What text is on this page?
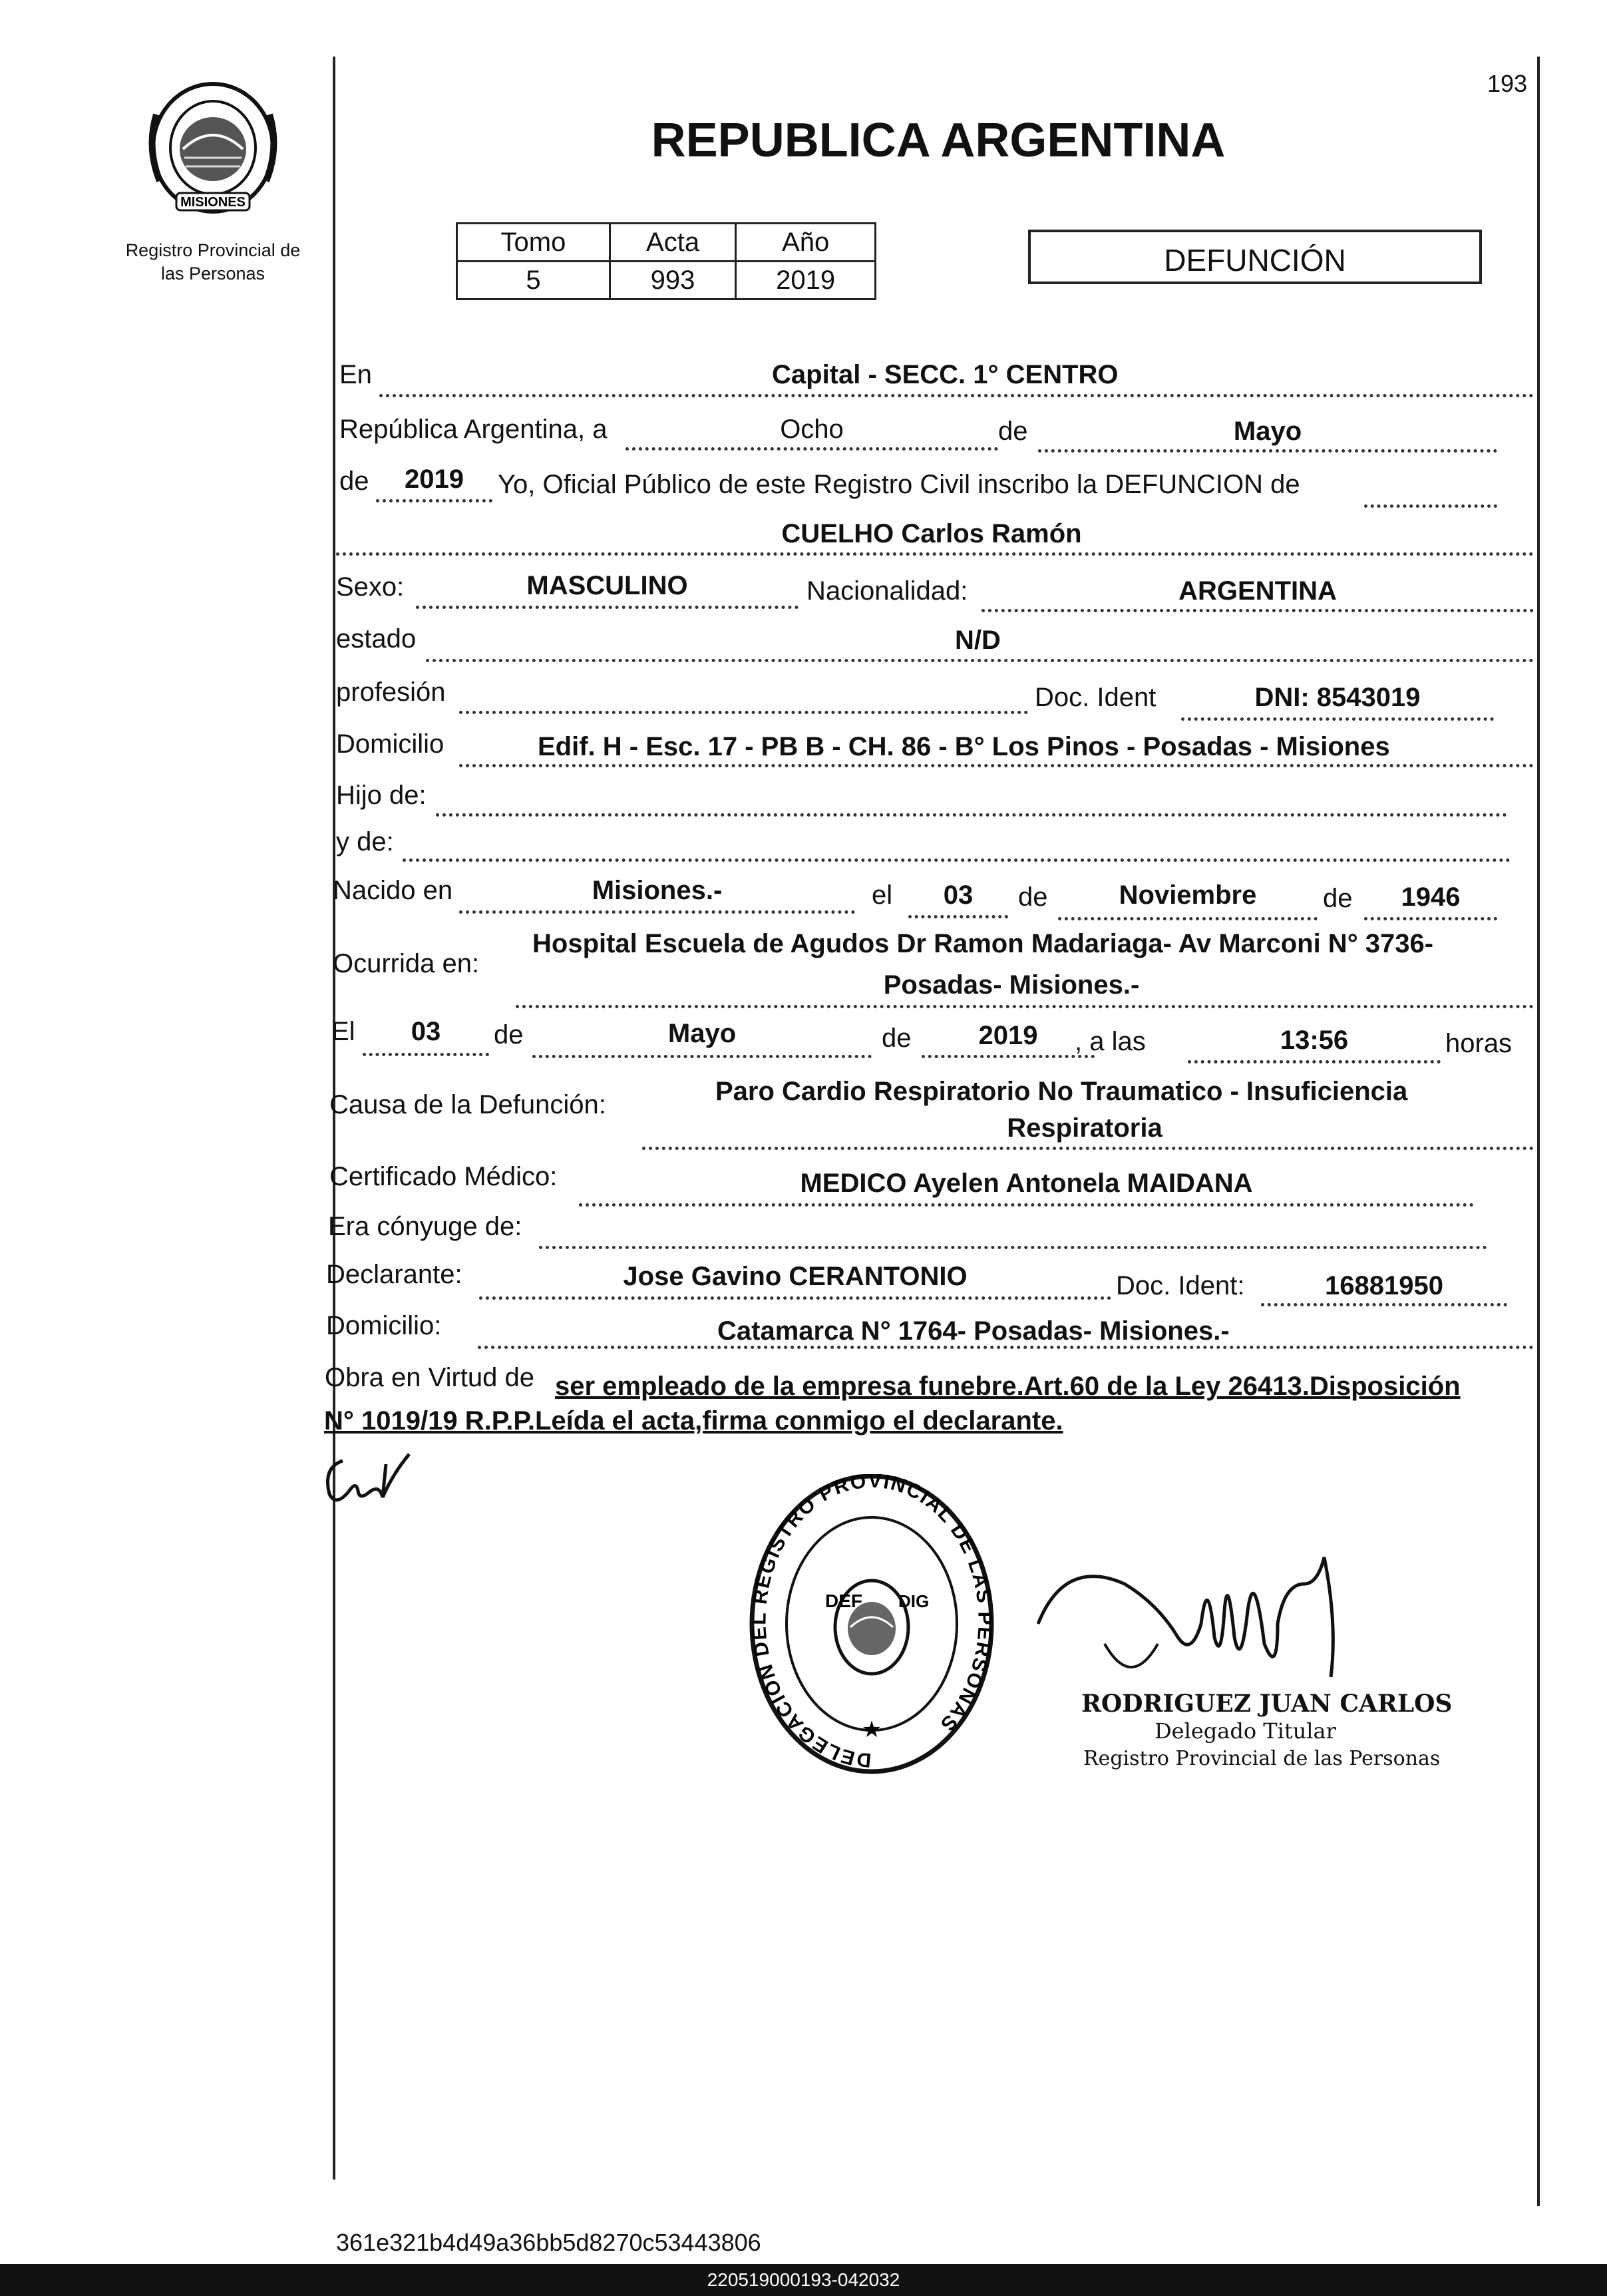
193
MISIONES
Registro Provincial de
las Personas
REPUBLICA ARGENTINA
Tomo	Acta	Año
5	993	2019
DEFUNCIÓN
En	Capital - SECC. 1° CENTRO
República Argentina, a	Ocho	de	Mayo
de	2019	Yo, Oficial Público de este Registro Civil inscribo la DEFUNCION de
CUELHO Carlos Ramón
Sexo:	MASCULINO	Nacionalidad:	ARGENTINA
estado	N/D
profesión	Doc. Ident	DNI: 8543019
Domicilio	Edif. H - Esc. 17 - PB B - CH. 86 - B° Los Pinos - Posadas - Misiones
Hijo de:
y de:
Nacido en	Misiones.-	el	03	de	Noviembre	de	1946
Ocurrida en:
Hospital Escuela de Agudos Dr Ramon Madariaga- Av Marconi N° 3736-
Posadas- Misiones.-
El	03	de	Mayo	de	2019	, a las	13:56	horas
Causa de la Defunción:	Paro Cardio Respiratorio No Traumatico - Insuficiencia
Respiratoria
Certificado Médico:	MEDICO Ayelen Antonela MAIDANA
Era cónyuge de:
Declarante:	Jose Gavino CERANTONIO	Doc. Ident:	16881950
Domicilio:	Catamarca N° 1764- Posadas- Misiones.-
Obra en Virtud de ser empleado de la empresa funebre.Art.60 de la Ley 26413.Disposición
N° 1019/19 R.P.P.Leída el acta,firma conmigo el declarante.
DELEGACION DEL REGISTRO PROVINCIAL DE LAS PERSONAS
★
DEF DIG
RODRIGUEZ JUAN CARLOS
Delegado Titular
Registro Provincial de las Personas
361e321b4d49a36bb5d8270c53443806
220519000193-042032
